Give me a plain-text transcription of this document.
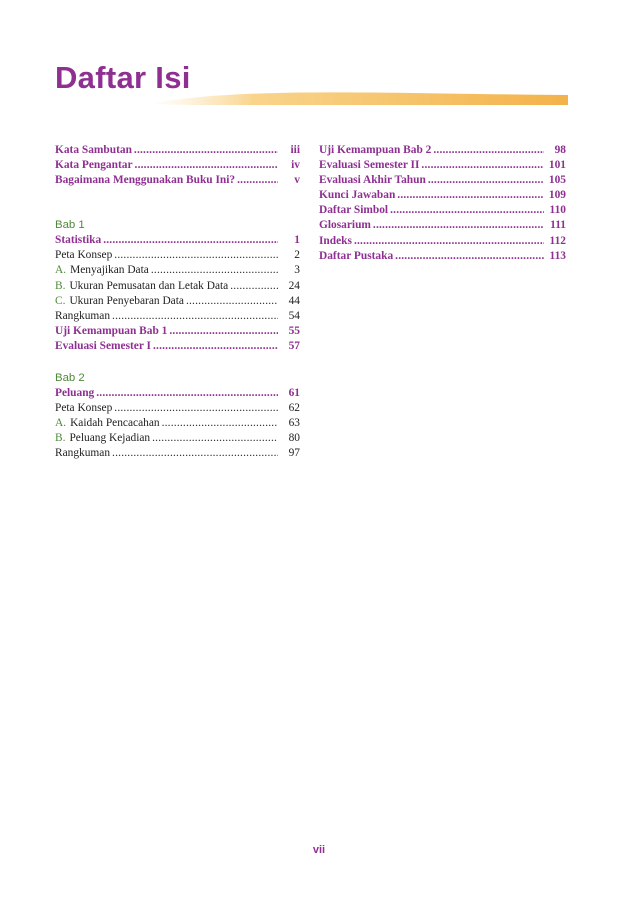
Daftar Isi
Kata Sambutan .....	iii
Kata Pengantar .....	iv
Bagaimana Menggunakan Buku Ini? .....	v
Bab 1
Statistika .....	1
Peta Konsep .....	2
A. Menyajikan Data .....	3
B. Ukuran Pemusatan dan Letak Data .....	24
C. Ukuran Penyebaran Data .....	44
Rangkuman .....	54
Uji Kemampuan Bab 1 .....	55
Evaluasi Semester I .....	57
Bab 2
Peluang .....	61
Peta Konsep .....	62
A. Kaidah Pencacahan .....	63
B. Peluang Kejadian .....	80
Rangkuman .....	97
Uji Kemampuan Bab 2 .....	98
Evaluasi Semester II .....	101
Evaluasi Akhir Tahun .....	105
Kunci Jawaban .....	109
Daftar Simbol .....	110
Glosarium .....	111
Indeks .....	112
Daftar Pustaka .....	113
vii
